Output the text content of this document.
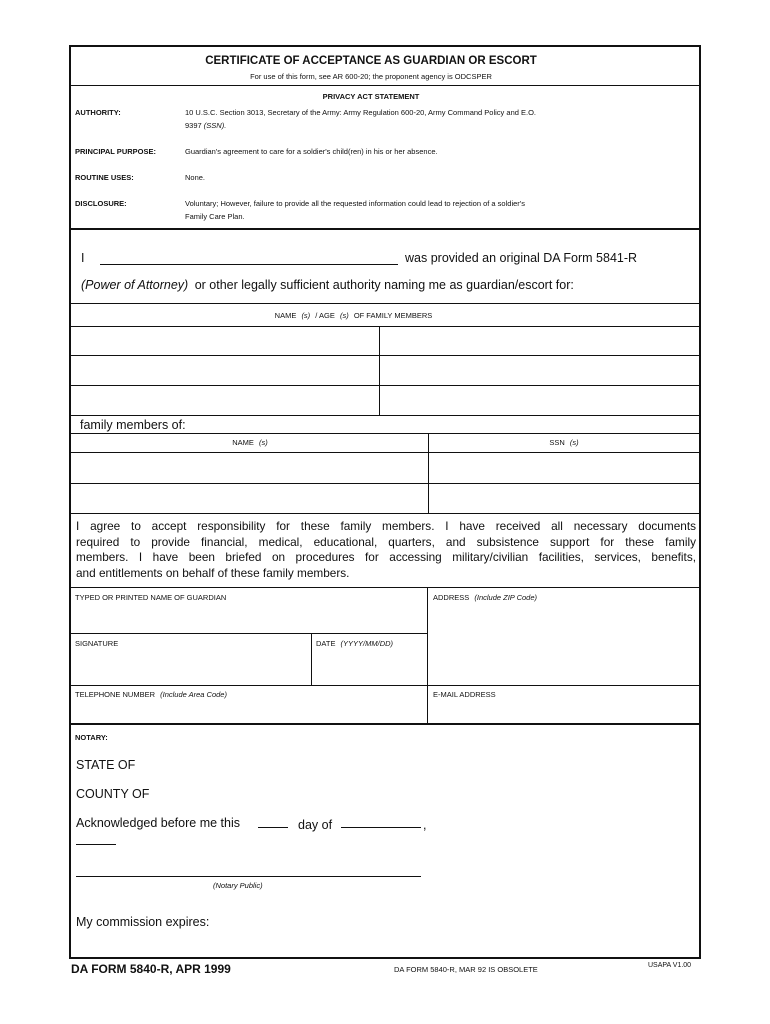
CERTIFICATE OF ACCEPTANCE AS GUARDIAN OR ESCORT
For use of this form, see AR 600-20; the proponent agency is ODCSPER
PRIVACY ACT STATEMENT
AUTHORITY:	10 U.S.C. Section 3013, Secretary of the Army: Army Regulation 600-20, Army Command Policy and E.O.
9397 (SSN).
PRINCIPAL PURPOSE:	Guardian's agreement to care for a soldier's child(ren) in his or her absence.
ROUTINE USES:	None.
DISCLOSURE:	Voluntary; However, failure to provide all the requested information could lead to rejection of a soldier's
Family Care Plan.
I	was provided an original DA Form 5841-R
(Power of Attorney) or other legally sufficient authority naming me as guardian/escort for:
NAME (s) / AGE (s) OF FAMILY MEMBERS
family members of:
NAME (s)	SSN (s)
I agree to accept responsibility for these family members. I have received all necessary documents
required to provide financial, medical, educational, quarters, and subsistence support for these family
members. I have been briefed on procedures for accessing military/civilian facilities, services, benefits,
and entitlements on behalf of these family members.
TYPED OR PRINTED NAME OF GUARDIAN	ADDRESS (Include ZIP Code)
SIGNATURE	DATE (YYYY/MM/DD)
TELEPHONE NUMBER (Include Area Code)	E-MAIL ADDRESS
NOTARY:
STATE OF
COUNTY OF
Acknowledged before me this	day of	,
(Notary Public)
My commission expires:
DA FORM 5840-R, APR 1999	DA FORM 5840-R, MAR 92 IS OBSOLETE	USAPA V1.00
